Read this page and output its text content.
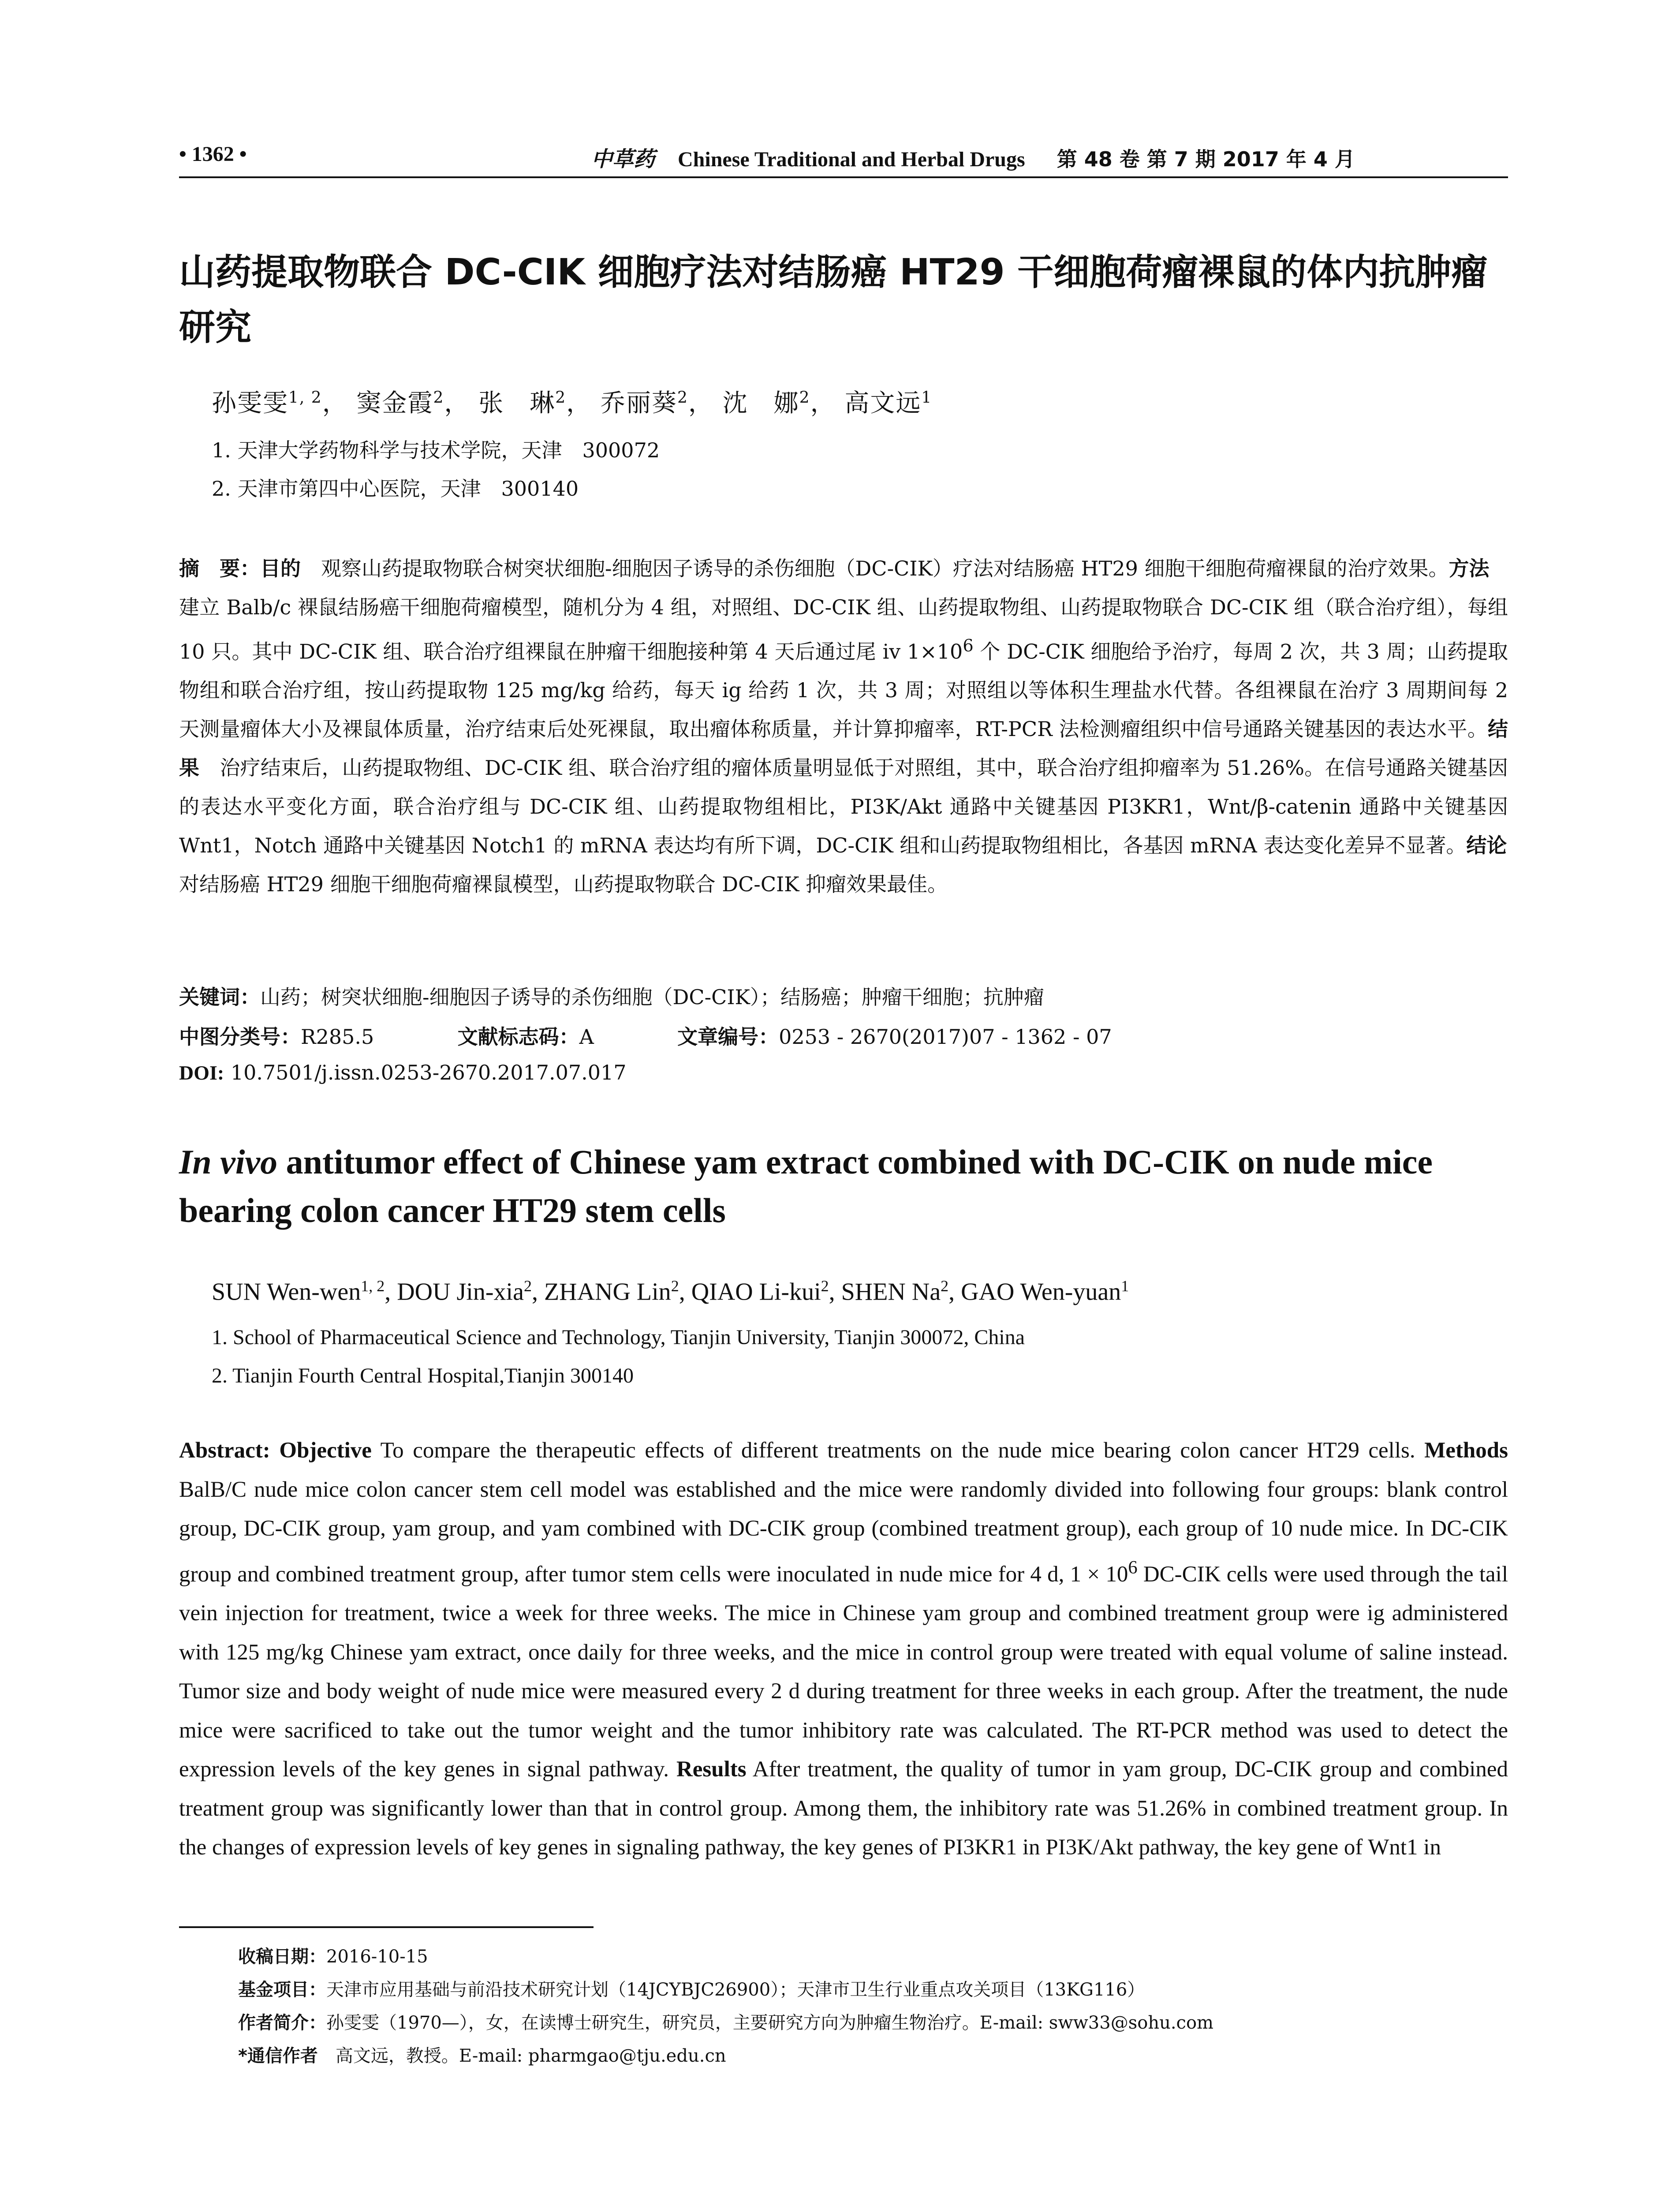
• 1362 •	中草药 Chinese Traditional and Herbal Drugs 第 48 卷 第 7 期 2017 年 4 月
山药提取物联合 DC-CIK 细胞疗法对结肠癌 HT29 干细胞荷瘤裸鼠的体内抗肿瘤研究
孙雯雯$^{1, 2}$， 窦金霞$^2$， 张　琳$^2$， 乔丽葵$^2$， 沈　娜$^2$， 高文远$^1$
1. 天津大学药物科学与技术学院，天津　300072
2. 天津市第四中心医院，天津　300140
摘　要：目的　观察山药提取物联合树突状细胞-细胞因子诱导的杀伤细胞（DC-CIK）疗法对结肠癌 HT29 细胞干细胞荷瘤裸鼠的治疗效果。方法　建立 Balb/c 裸鼠结肠癌干细胞荷瘤模型，随机分为 4 组，对照组、DC-CIK 组、山药提取物组、山药提取物联合 DC-CIK 组（联合治疗组），每组 10 只。其中 DC-CIK 组、联合治疗组裸鼠在肿瘤干细胞接种第 4 天后通过尾 iv $1\times 10^6$ 个 DC-CIK 细胞给予治疗，每周 2 次，共 3 周；山药提取物组和联合治疗组，按山药提取物 125 mg/kg 给药，每天 ig 给药 1 次，共 3 周；对照组以等体积生理盐水代替。各组裸鼠在治疗 3 周期间每 2 天测量瘤体大小及裸鼠体质量，治疗结束后处死裸鼠，取出瘤体称质量，并计算抑瘤率，RT-PCR 法检测瘤组织中信号通路关键基因的表达水平。结果　治疗结束后，山药提取物组、DC-CIK 组、联合治疗组的瘤体质量明显低于对照组，其中，联合治疗组抑瘤率为 51.26%。在信号通路关键基因的表达水平变化方面，联合治疗组与 DC-CIK 组、山药提取物组相比，PI3K/Akt 通路中关键基因 PI3KR1，Wnt/β-catenin 通路中关键基因 Wnt1，Notch 通路中关键基因 Notch1 的 mRNA 表达均有所下调，DC-CIK 组和山药提取物组相比，各基因 mRNA 表达变化差异不显著。结论　对结肠癌 HT29 细胞干细胞荷瘤裸鼠模型，山药提取物联合 DC-CIK 抑瘤效果最佳。
关键词：山药；树突状细胞-细胞因子诱导的杀伤细胞（DC-CIK）；结肠癌；肿瘤干细胞；抗肿瘤
中图分类号：R285.5	文献标志码：A	文章编号：0253 - 2670(2017)07 - 1362 - 07
DOI: 10.7501/j.issn.0253-2670.2017.07.017
In vivo antitumor effect of Chinese yam extract combined with DC-CIK on nude mice bearing colon cancer HT29 stem cells
SUN Wen-wen$^{1, 2}$, DOU Jin-xia$^2$, ZHANG Lin$^2$, QIAO Li-kui$^2$, SHEN Na$^2$, GAO Wen-yuan$^1$
1. School of Pharmaceutical Science and Technology, Tianjin University, Tianjin 300072, China
2. Tianjin Fourth Central Hospital,Tianjin 300140
Abstract: Objective To compare the therapeutic effects of different treatments on the nude mice bearing colon cancer HT29 cells. Methods BalB/C nude mice colon cancer stem cell model was established and the mice were randomly divided into following four groups: blank control group, DC-CIK group, yam group, and yam combined with DC-CIK group (combined treatment group), each group of 10 nude mice. In DC-CIK group and combined treatment group, after tumor stem cells were inoculated in nude mice for 4 d, $1 \times 10^6$ DC-CIK cells were used through the tail vein injection for treatment, twice a week for three weeks. The mice in Chinese yam group and combined treatment group were ig administered with 125 mg/kg Chinese yam extract, once daily for three weeks, and the mice in control group were treated with equal volume of saline instead. Tumor size and body weight of nude mice were measured every 2 d during treatment for three weeks in each group. After the treatment, the nude mice were sacrificed to take out the tumor weight and the tumor inhibitory rate was calculated. The RT-PCR method was used to detect the expression levels of the key genes in signal pathway. Results After treatment, the quality of tumor in yam group, DC-CIK group and combined treatment group was significantly lower than that in control group. Among them, the inhibitory rate was 51.26% in combined treatment group. In the changes of expression levels of key genes in signaling pathway, the key genes of PI3KR1 in PI3K/Akt pathway, the key gene of Wnt1 in
收稿日期：2016-10-15
基金项目：天津市应用基础与前沿技术研究计划（14JCYBJC26900）；天津市卫生行业重点攻关项目（13KG116）
作者简介：孙雯雯（1970—），女，在读博士研究生，研究员，主要研究方向为肿瘤生物治疗。E-mail: sww33@sohu.com
*通信作者　高文远，教授。E-mail: pharmgao@tju.edu.cn
